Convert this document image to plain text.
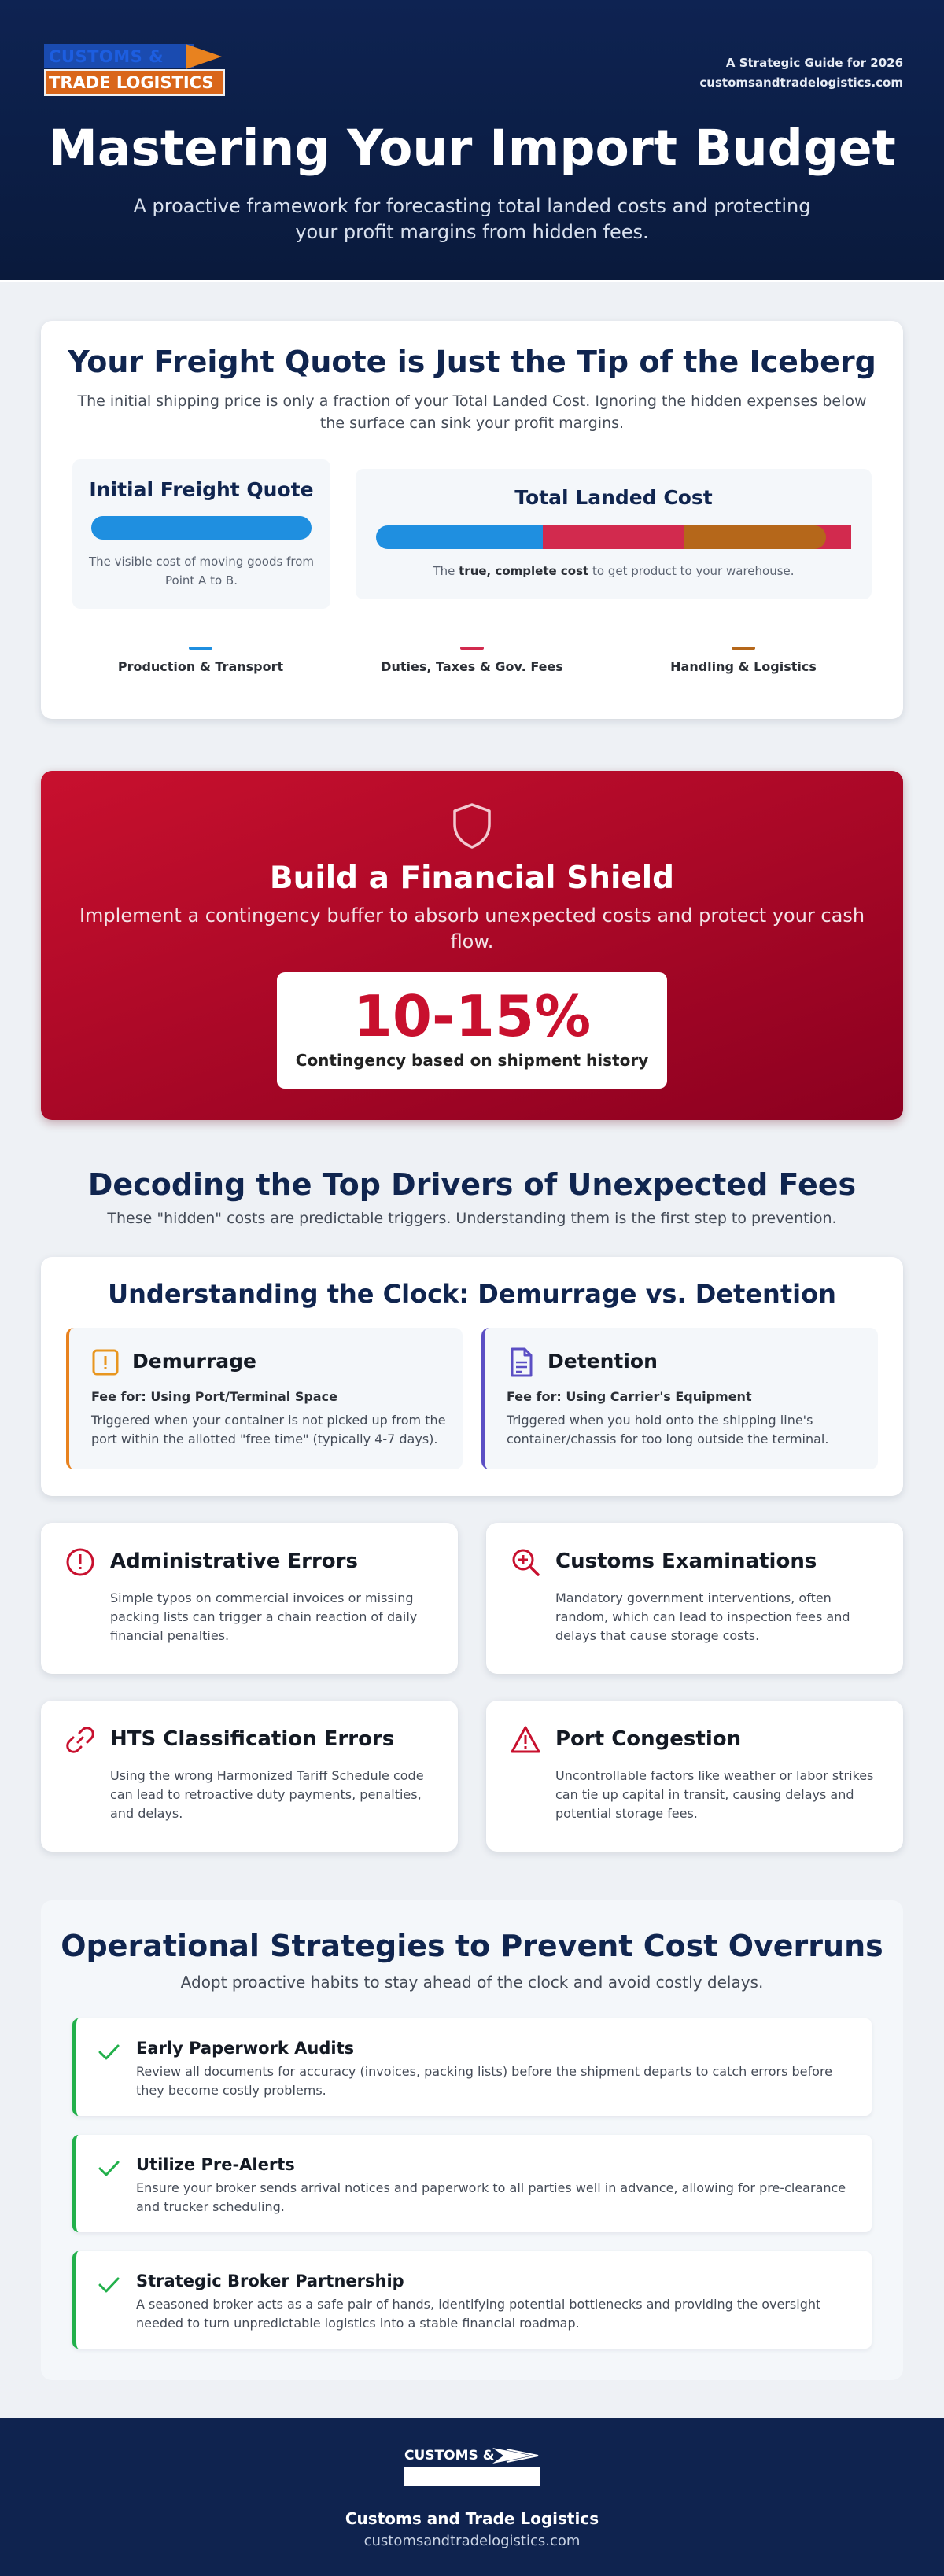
CUSTOMS &
TRADE LOGISTICS
A Strategic Guide for 2026
customsandtradelogistics.com
Mastering Your Import Budget

A proactive framework for forecasting total landed costs and protecting your profit margins from hidden fees.

Your Freight Quote is Just the Tip of the Iceberg

The initial shipping price is only a fraction of your Total Landed Cost. Ignoring the hidden expenses below the surface can sink your profit margins.

Initial Freight Quote
The visible cost of moving goods from Point A to B.
Total Landed Cost
The true, complete cost to get product to your warehouse.
Production & Transport	Duties, Taxes & Gov. Fees	Handling & Logistics
Build a Financial Shield

Implement a contingency buffer to absorb unexpected costs and protect your cash flow.

10-15%
Contingency based on shipment history
Decoding the Top Drivers of Unexpected Fees

These "hidden" costs are predictable triggers. Understanding them is the first step to prevention.

Understanding the Clock: Demurrage vs. Detention
Demurrage
Fee for: Using Port/Terminal Space
Triggered when your container is not picked up from the port within the allotted "free time" (typically 4-7 days).
Detention
Fee for: Using Carrier's Equipment
Triggered when you hold onto the shipping line's container/chassis for too long outside the terminal.
Administrative Errors
Simple typos on commercial invoices or missing packing lists can trigger a chain reaction of daily financial penalties.
Customs Examinations
Mandatory government interventions, often random, which can lead to inspection fees and delays that cause storage costs.
HTS Classification Errors
Using the wrong Harmonized Tariff Schedule code can lead to retroactive duty payments, penalties, and delays.
Port Congestion
Uncontrollable factors like weather or labor strikes can tie up capital in transit, causing delays and potential storage fees.
Operational Strategies to Prevent Cost Overruns

Adopt proactive habits to stay ahead of the clock and avoid costly delays.

Early Paperwork Audits
Review all documents for accuracy (invoices, packing lists) before the shipment departs to catch errors before they become costly problems.
Utilize Pre-Alerts
Ensure your broker sends arrival notices and paperwork to all parties well in advance, allowing for pre-clearance and trucker scheduling.
Strategic Broker Partnership
A seasoned broker acts as a safe pair of hands, identifying potential bottlenecks and providing the oversight needed to turn unpredictable logistics into a stable financial roadmap.
CUSTOMS &
Customs and Trade Logistics
customsandtradelogistics.com
